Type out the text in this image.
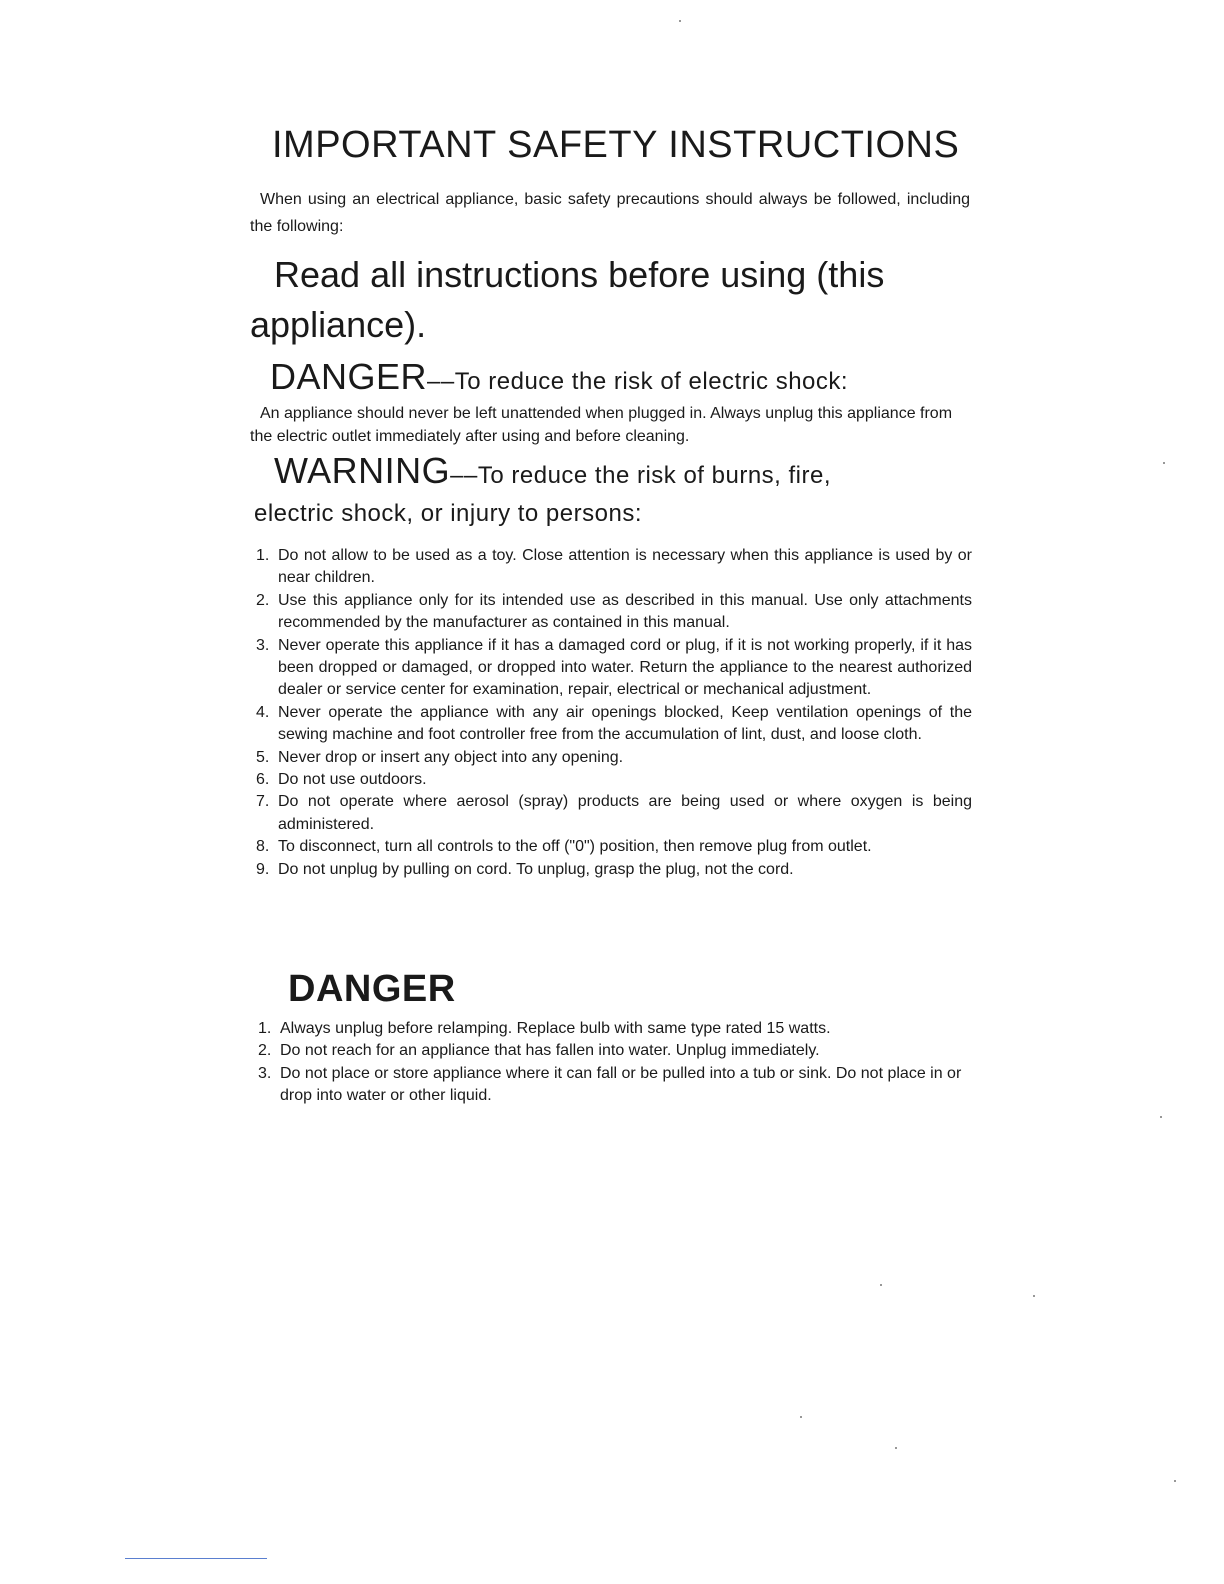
IMPORTANT SAFETY INSTRUCTIONS

When using an electrical appliance, basic safety precautions should always be followed, including the following:

Read all instructions before using (this appliance).

DANGER––To reduce the risk of electric shock:

An appliance should never be left unattended when plugged in. Always unplug this appliance from the electric outlet immediately after using and before cleaning.

WARNING––To reduce the risk of burns, fire,

electric shock, or injury to persons:

1. Do not allow to be used as a toy. Close attention is necessary when this appliance is used by or near children.
2. Use this appliance only for its intended use as described in this manual. Use only attachments recommended by the manufacturer as contained in this manual.
3. Never operate this appliance if it has a damaged cord or plug, if it is not working properly, if it has been dropped or damaged, or dropped into water. Return the appliance to the nearest authorized dealer or service center for examination, repair, electrical or mechanical adjustment.
4. Never operate the appliance with any air openings blocked, Keep ventilation openings of the sewing machine and foot controller free from the accumulation of lint, dust, and loose cloth.
5. Never drop or insert any object into any opening.
6. Do not use outdoors.
7. Do not operate where aerosol (spray) products are being used or where oxygen is being administered.
8. To disconnect, turn all controls to the off ("0") position, then remove plug from outlet.
9. Do not unplug by pulling on cord. To unplug, grasp the plug, not the cord.
DANGER
1. Always unplug before relamping. Replace bulb with same type rated 15 watts.
2. Do not reach for an appliance that has fallen into water. Unplug immediately.
3. Do not place or store appliance where it can fall or be pulled into a tub or sink. Do not place in or drop into water or other liquid.
